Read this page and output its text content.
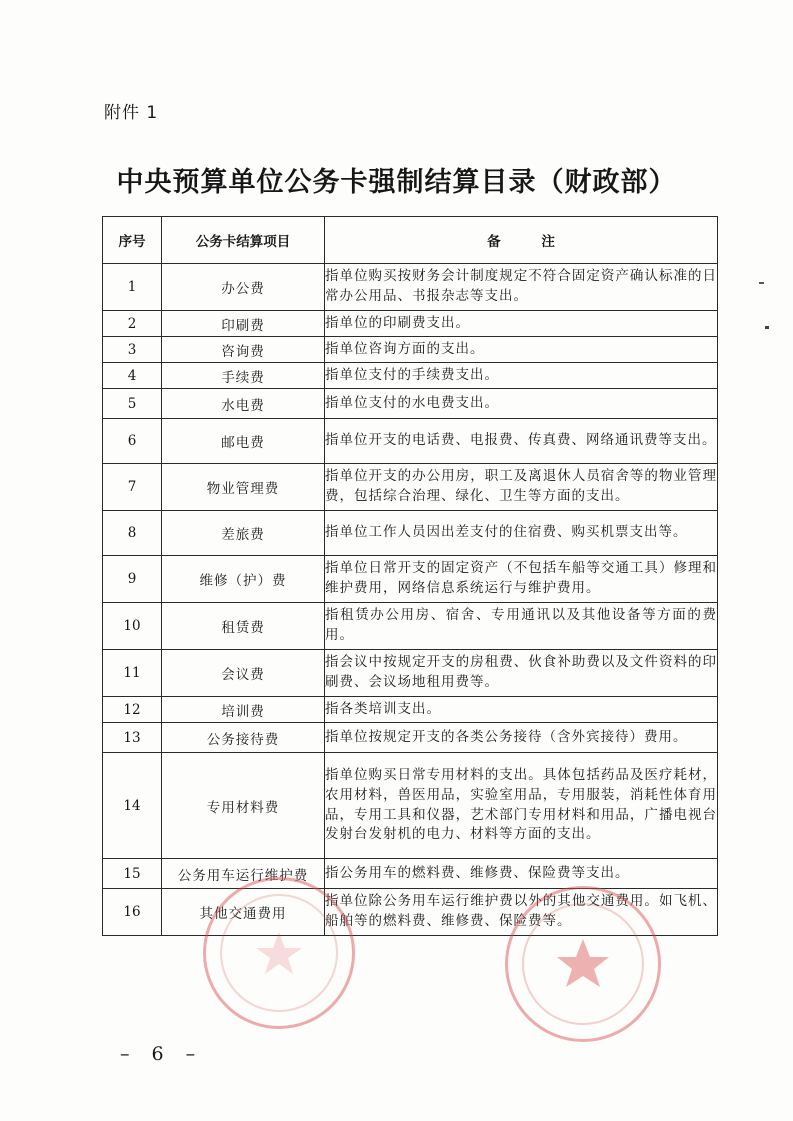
附件 1

中央预算单位公务卡强制结算目录（财政部）
序号	公务卡结算项目	备 注
1	办公费	指单位购买按财务会计制度规定不符合固定资产确认标准的日常办公用品、书报杂志等支出。
2	印刷费	指单位的印刷费支出。
3	咨询费	指单位咨询方面的支出。
4	手续费	指单位支付的手续费支出。
5	水电费	指单位支付的水电费支出。
6	邮电费	指单位开支的电话费、电报费、传真费、网络通讯费等支出。
7	物业管理费	指单位开支的办公用房，职工及离退休人员宿舍等的物业管理费，包括综合治理、绿化、卫生等方面的支出。
8	差旅费	指单位工作人员因出差支付的住宿费、购买机票支出等。
9	维修（护）费	指单位日常开支的固定资产（不包括车船等交通工具）修理和维护费用，网络信息系统运行与维护费用。
10	租赁费	指租赁办公用房、宿舍、专用通讯以及其他设备等方面的费用。
11	会议费	指会议中按规定开支的房租费、伙食补助费以及文件资料的印刷费、会议场地租用费等。
12	培训费	指各类培训支出。
13	公务接待费	指单位按规定开支的各类公务接待（含外宾接待）费用。
14	专用材料费	指单位购买日常专用材料的支出。具体包括药品及医疗耗材，农用材料，兽医用品，实验室用品，专用服装，消耗性体育用品，专用工具和仪器，艺术部门专用材料和用品，广播电视台发射台发射机的电力、材料等方面的支出。
15	公务用车运行维护费	指公务用车的燃料费、维修费、保险费等支出。
16	其他交通费用	指单位除公务用车运行维护费以外的其他交通费用。如飞机、船舶等的燃料费、维修费、保险费等。

– 6 –
